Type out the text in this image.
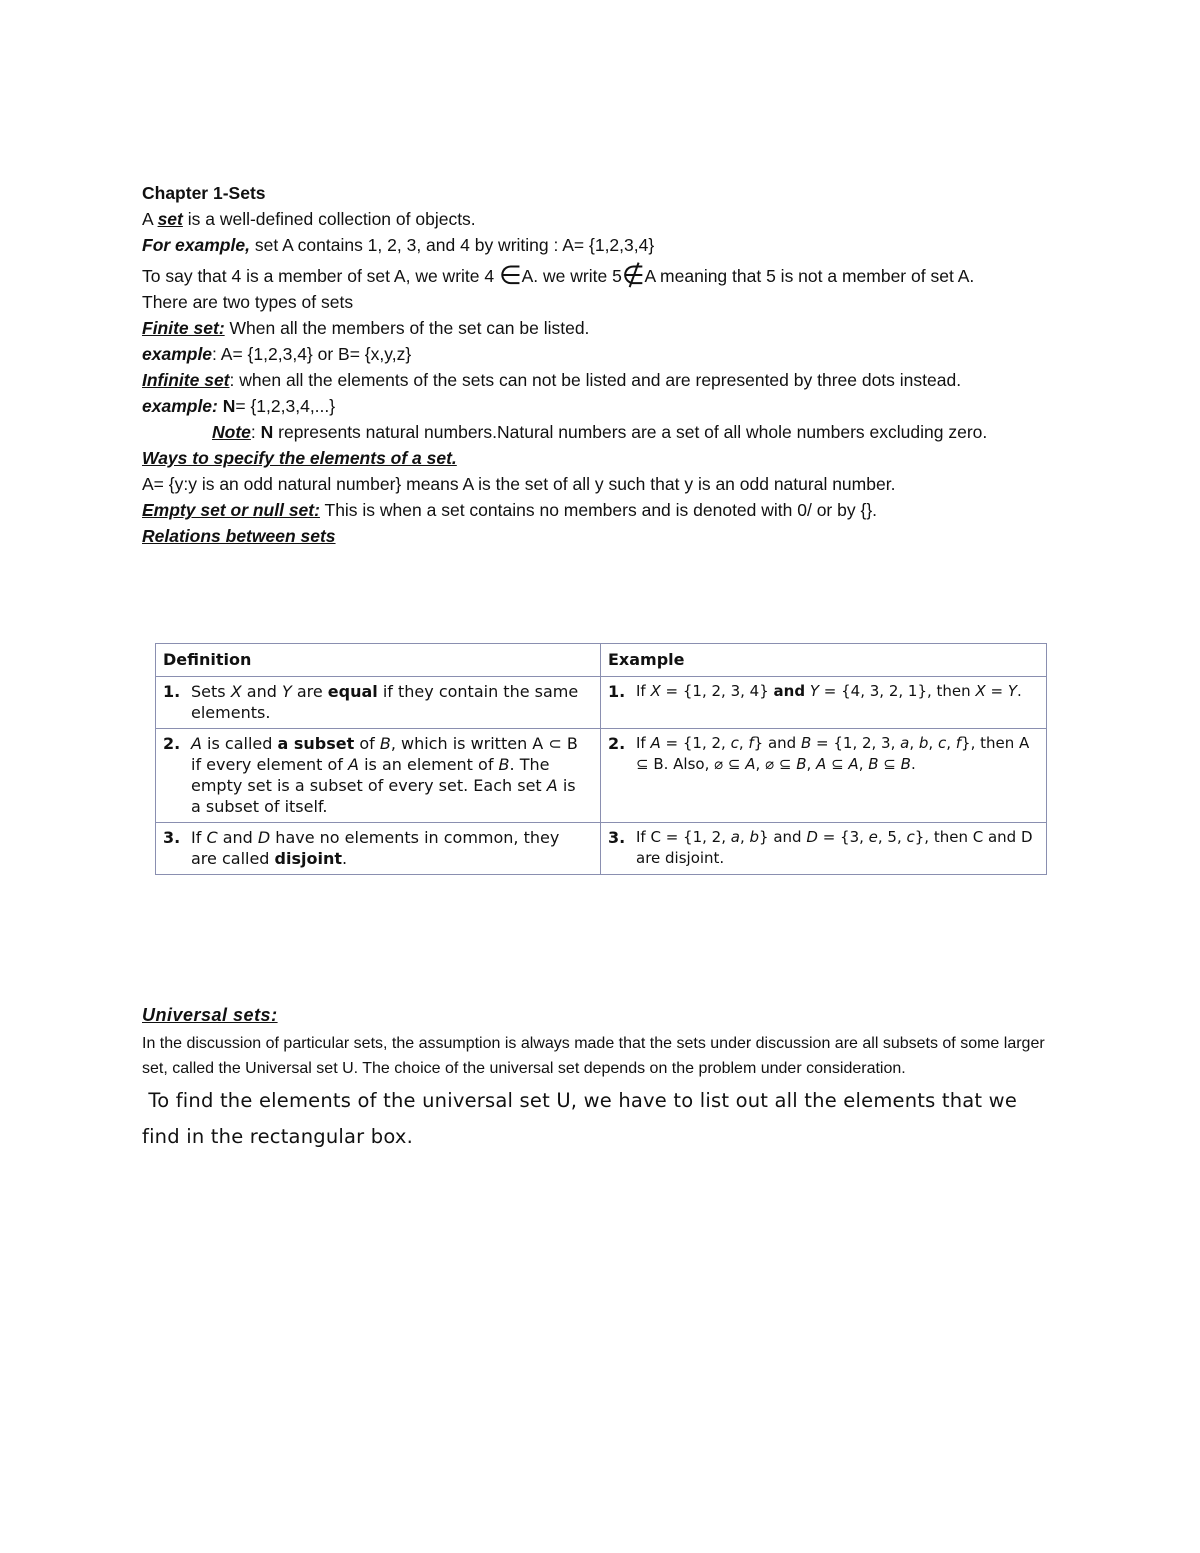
Chapter 1-Sets
A set is a well-defined collection of objects.
For example, set A contains 1, 2, 3, and 4 by writing : A= {1,2,3,4}
To say that 4 is a member of set A, we write 4 ∈A. we write 5∉A meaning that 5 is not a member of set A.
There are two types of sets
Finite set: When all the members of the set can be listed.
example: A= {1,2,3,4} or B= {x,y,z}
Infinite set: when all the elements of the sets can not be listed and are represented by three dots instead.
example: N= {1,2,3,4,...}
Note: N represents natural numbers.Natural numbers are a set of all whole numbers excluding zero.
Ways to specify the elements of a set.
A= {y:y is an odd natural number} means A is the set of all y such that y is an odd natural number.
Empty set or null set: This is when a set contains no members and is denoted with 0/ or by {}.
Relations between sets
Definition	Example
1. Sets X and Y are equal if they contain the same elements.	1. If X = {1, 2, 3, 4} and Y = {4, 3, 2, 1}, then X = Y.
2. A is called a subset of B, which is written A ⊂ B if every element of A is an element of B. The empty set is a subset of every set. Each set A is a subset of itself.	2. If A = {1, 2, c, f} and B = {1, 2, 3, a, b, c, f}, then A ⊆ B. Also, ⌀ ⊆ A, ⌀ ⊆ B, A ⊆ A, B ⊆ B.
3. If C and D have no elements in common, they are called disjoint.	3. If C = {1, 2, a, b} and D = {3, e, 5, c}, then C and D are disjoint.
Universal sets:
In the discussion of particular sets, the assumption is always made that the sets under discussion are all subsets of some larger set, called the Universal set U. The choice of the universal set depends on the problem under consideration.
To find the elements of the universal set U, we have to list out all the elements that we
find in the rectangular box.
